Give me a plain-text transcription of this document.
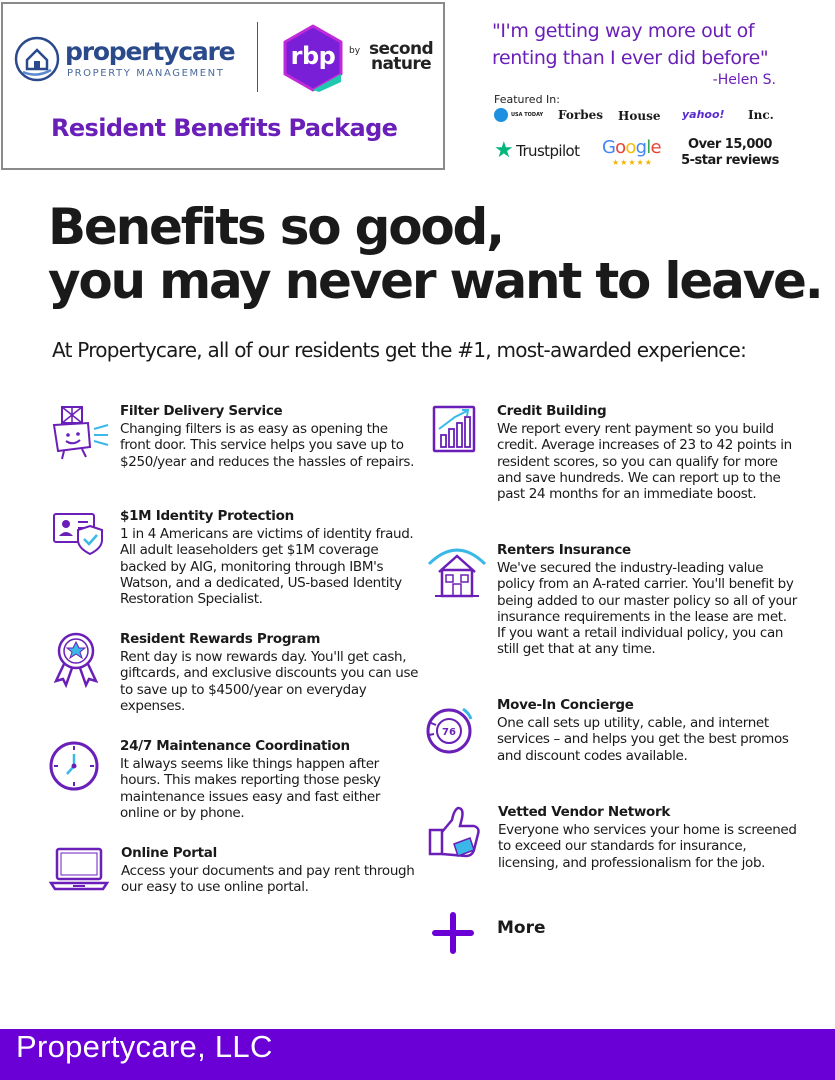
propertycare
PROPERTY MANAGEMENT
rbp	by second nature
Resident Benefits Package
"I'm getting way more out of renting than I ever did before"
-Helen S.
Featured In:
USA TODAY Forbes House yahoo! Inc.
★ Trustpilot Google
★★★★★
Over 15,000 5-star reviews
Benefits so good,
you may never want to leave.
At Propertycare, all of our residents get the #1, most-awarded experience:
Filter Delivery Service
Changing filters is as easy as opening the front door. This service helps you save up to $250/year and reduces the hassles of repairs.
$1M Identity Protection
1 in 4 Americans are victims of identity fraud. All adult leaseholders get $1M coverage backed by AIG, monitoring through IBM's Watson, and a dedicated, US-based Identity Restoration Specialist.
Resident Rewards Program
Rent day is now rewards day. You'll get cash, giftcards, and exclusive discounts you can use to save up to $4500/year on everyday expenses.
24/7 Maintenance Coordination
It always seems like things happen after hours. This makes reporting those pesky maintenance issues easy and fast either online or by phone.
Online Portal
Access your documents and pay rent through our easy to use online portal.
Credit Building
We report every rent payment so you build credit. Average increases of 23 to 42 points in resident scores, so you can qualify for more and save hundreds. We can report up to the past 24 months for an immediate boost.
Renters Insurance
We've secured the industry-leading value policy from an A-rated carrier. You'll benefit by being added to our master policy so all of your insurance requirements in the lease are met. If you want a retail individual policy, you can still get that at any time.
76
Move-In Concierge
One call sets up utility, cable, and internet services – and helps you get the best promos and discount codes available.
Vetted Vendor Network
Everyone who services your home is screened to exceed our standards for insurance, licensing, and professionalism for the job.
More
Propertycare, LLC
